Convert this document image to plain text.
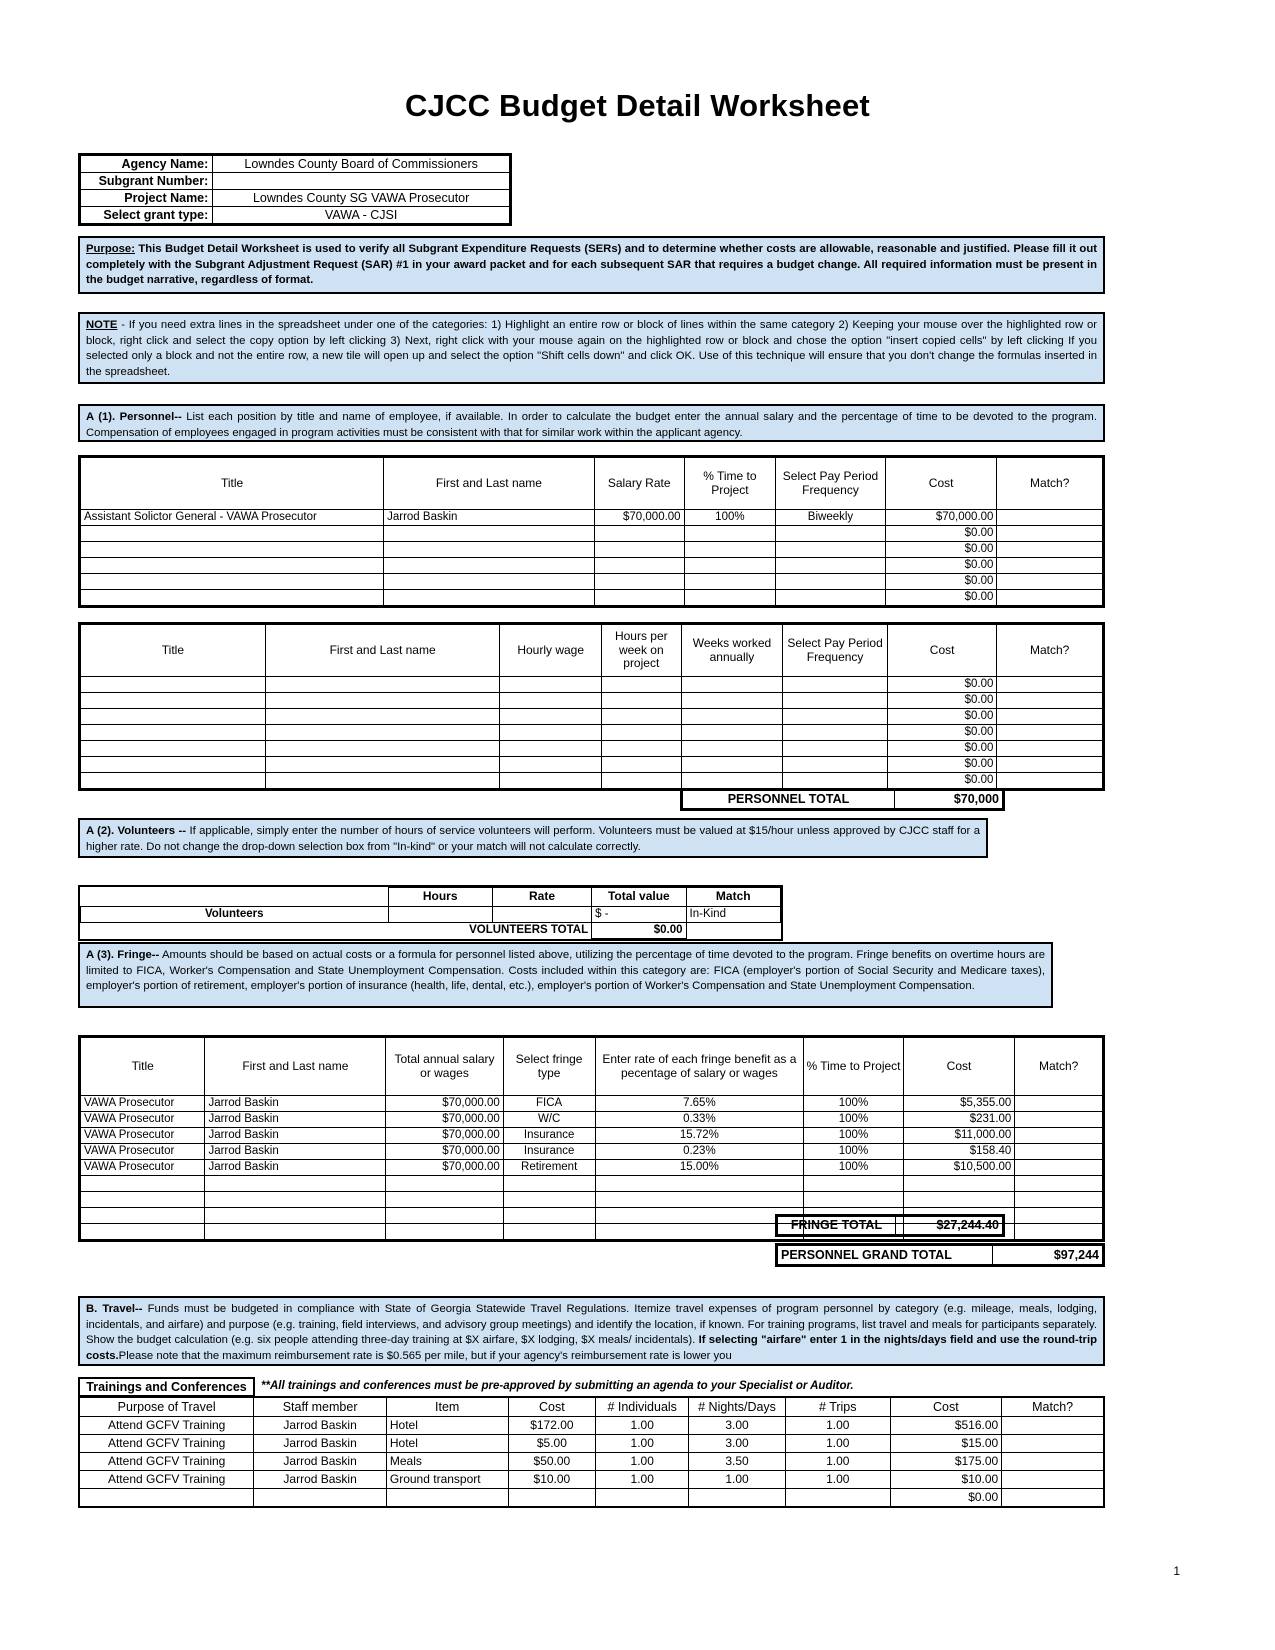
CJCC Budget Detail Worksheet
Agency Name:	Lowndes County Board of Commissioners
Subgrant Number:	
Project Name:	Lowndes County SG VAWA Prosecutor
Select grant type:	VAWA - CJSI
Purpose: This Budget Detail Worksheet is used to verify all Subgrant Expenditure Requests (SERs) and to determine whether costs are allowable, reasonable and justified. Please fill it out completely with the Subgrant Adjustment Request (SAR) #1 in your award packet and for each subsequent SAR that requires a budget change. All required information must be present in the budget narrative, regardless of format.
NOTE - If you need extra lines in the spreadsheet under one of the categories: 1) Highlight an entire row or block of lines within the same category 2) Keeping your mouse over the highlighted row or block, right click and select the copy option by left clicking 3) Next, right click with your mouse again on the highlighted row or block and chose the option "insert copied cells" by left clicking If you selected only a block and not the entire row, a new tile will open up and select the option "Shift cells down" and click OK. Use of this technique will ensure that you don't change the formulas inserted in the spreadsheet.
A (1). Personnel-- List each position by title and name of employee, if available. In order to calculate the budget enter the annual salary and the percentage of time to be devoted to the program. Compensation of employees engaged in program activities must be consistent with that for similar work within the applicant agency.
Title	First and Last name	Salary Rate	% Time to Project	Select Pay Period Frequency	Cost	Match?
Assistant Solictor General - VAWA Prosecutor	Jarrod Baskin	$70,000.00	100%	Biweekly	$70,000.00	
					$0.00	
					$0.00	
					$0.00	
					$0.00	
					$0.00	
Title	First and Last name	Hourly wage	Hours per week on project	Weeks worked annually	Select Pay Period Frequency	Cost	Match?
						$0.00	
						$0.00	
						$0.00	
						$0.00	
						$0.00	
						$0.00	
						$0.00	
PERSONNEL TOTAL	$70,000
A (2). Volunteers -- If applicable, simply enter the number of hours of service volunteers will perform. Volunteers must be valued at $15/hour unless approved by CJCC staff for a higher rate. Do not change the drop-down selection box from "In-kind" or your match will not calculate correctly.
	Hours	Rate	Total value	Match
Volunteers			$ -	In-Kind
VOLUNTEERS TOTAL			$0.00	
A (3). Fringe-- Amounts should be based on actual costs or a formula for personnel listed above, utilizing the percentage of time devoted to the program. Fringe benefits on overtime hours are limited to FICA, Worker's Compensation and State Unemployment Compensation. Costs included within this category are: FICA (employer's portion of Social Security and Medicare taxes), employer's portion of retirement, employer's portion of insurance (health, life, dental, etc.), employer's portion of Worker's Compensation and State Unemployment Compensation.
Title	First and Last name	Total annual salary or wages	Select fringe type	Enter rate of each fringe benefit as a pecentage of salary or wages	% Time to Project	Cost	Match?
VAWA Prosecutor	Jarrod Baskin	$70,000.00	FICA	7.65%	100%	$5,355.00	
VAWA Prosecutor	Jarrod Baskin	$70,000.00	W/C	0.33%	100%	$231.00	
VAWA Prosecutor	Jarrod Baskin	$70,000.00	Insurance	15.72%	100%	$11,000.00	
VAWA Prosecutor	Jarrod Baskin	$70,000.00	Insurance	0.23%	100%	$158.40	
VAWA Prosecutor	Jarrod Baskin	$70,000.00	Retirement	15.00%	100%	$10,500.00	

FRINGE TOTAL	$27,244.40
PERSONNEL GRAND TOTAL	$97,244
B. Travel-- Funds must be budgeted in compliance with State of Georgia Statewide Travel Regulations. Itemize travel expenses of program personnel by category (e.g. mileage, meals, lodging, incidentals, and airfare) and purpose (e.g. training, field interviews, and advisory group meetings) and identify the location, if known. For training programs, list travel and meals for participants separately. Show the budget calculation (e.g. six people attending three-day training at $X airfare, $X lodging, $X meals/ incidentals). If selecting "airfare" enter 1 in the nights/days field and use the round-trip costs.Please note that the maximum reimbursement rate is $0.565 per mile, but if your agency's reimbursement rate is lower you
Trainings and Conferences	**All trainings and conferences must be pre-approved by submitting an agenda to your Specialist or Auditor.
Purpose of Travel	Staff member	Item	Cost	# Individuals	# Nights/Days	# Trips	Cost	Match?
Attend GCFV Training	Jarrod Baskin	Hotel	$172.00	1.00	3.00	1.00	$516.00	
Attend GCFV Training	Jarrod Baskin	Hotel	$5.00	1.00	3.00	1.00	$15.00	
Attend GCFV Training	Jarrod Baskin	Meals	$50.00	1.00	3.50	1.00	$175.00	
Attend GCFV Training	Jarrod Baskin	Ground transport	$10.00	1.00	1.00	1.00	$10.00	
							$0.00	
1
